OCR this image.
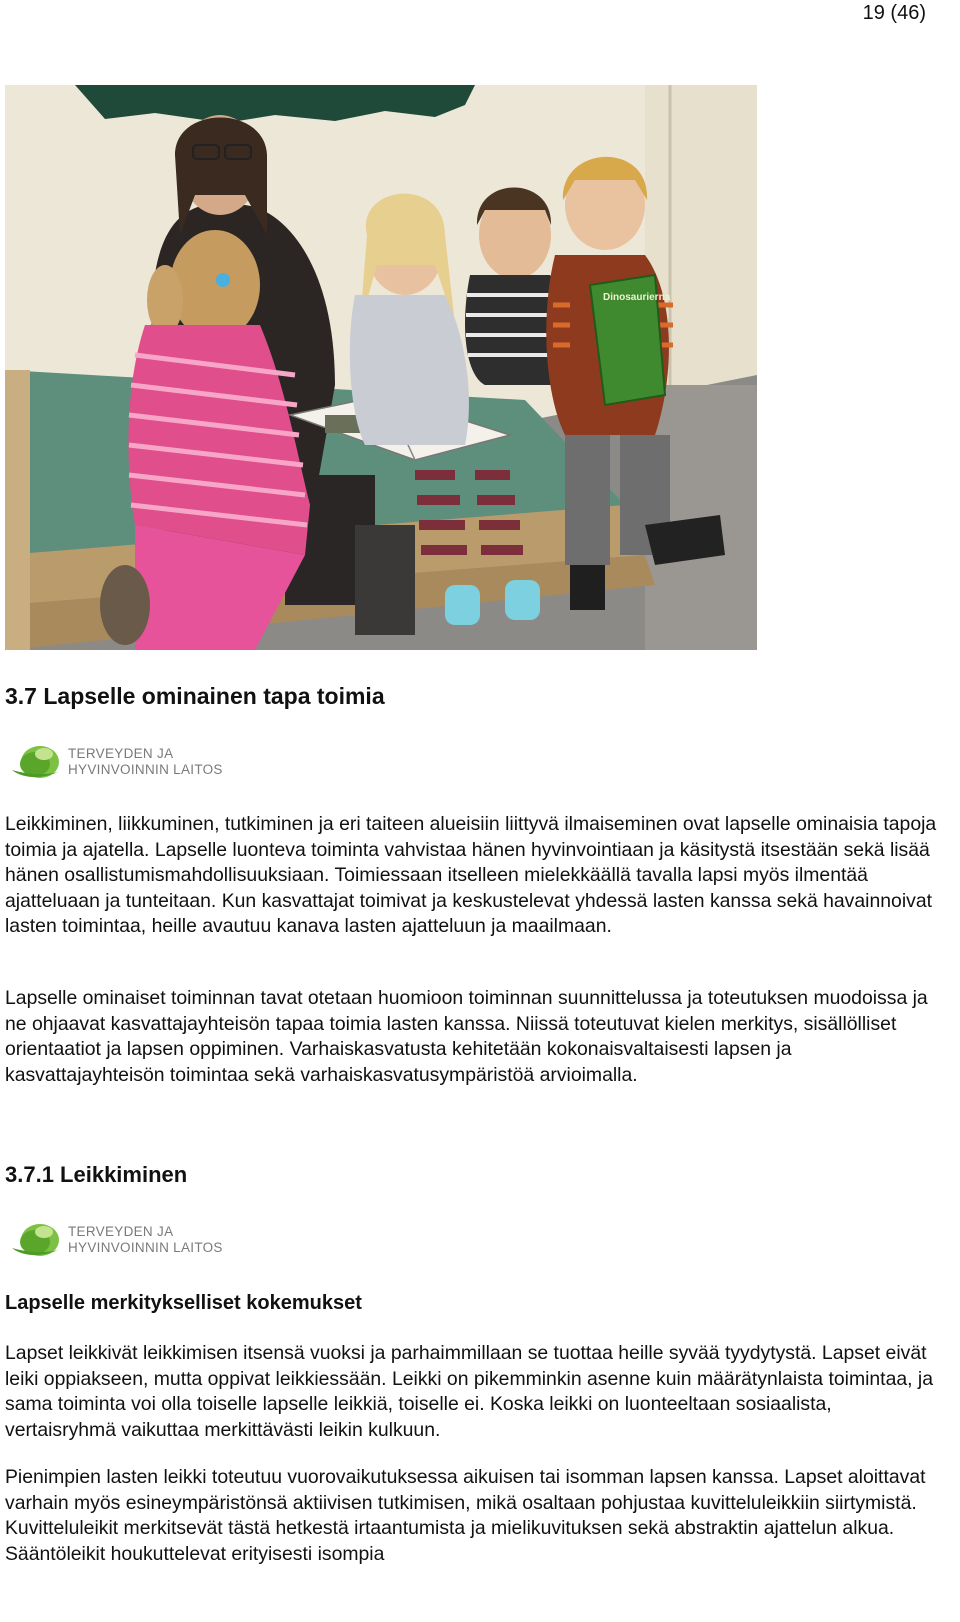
19 (46)
Dinosaurierna
3.7 Lapselle ominainen tapa toimia
TERVEYDEN JA
HYVINVOINNIN LAITOS

Leikkiminen, liikkuminen, tutkiminen ja eri taiteen alueisiin liittyvä ilmaiseminen ovat lapselle ominaisia tapoja toimia ja ajatella. Lapselle luonteva toiminta vahvistaa hänen hyvinvointiaan ja käsitystä itsestään sekä lisää hänen osallistumismahdollisuuksiaan. Toimiessaan itselleen mielekkäällä tavalla lapsi myös ilmentää ajatteluaan ja tunteitaan. Kun kasvattajat toimivat ja keskustelevat yhdessä lasten kanssa sekä havainnoivat lasten toimintaa, heille avautuu kanava lasten ajatteluun ja maailmaan.

Lapselle ominaiset toiminnan tavat otetaan huomioon toiminnan suunnittelussa ja toteutuksen muodoissa ja ne ohjaavat kasvattajayhteisön tapaa toimia lasten kanssa. Niissä toteutuvat kielen merkitys, sisällölliset orientaatiot ja lapsen oppiminen. Varhaiskasvatusta kehitetään kokonaisvaltaisesti lapsen ja kasvattajayhteisön toimintaa sekä varhaiskasvatusympäristöä arvioimalla.

3.7.1 Leikkiminen
TERVEYDEN JA
HYVINVOINNIN LAITOS
Lapselle merkitykselliset kokemukset

Lapset leikkivät leikkimisen itsensä vuoksi ja parhaimmillaan se tuottaa heille syvää tyydytystä. Lapset eivät leiki oppiakseen, mutta oppivat leikkiessään. Leikki on pikemminkin asenne kuin määrätynlaista toimintaa, ja sama toiminta voi olla toiselle lapselle leikkiä, toiselle ei. Koska leikki on luonteeltaan sosiaalista, vertaisryhmä vaikuttaa merkittävästi leikin kulkuun.

Pienimpien lasten leikki toteutuu vuorovaikutuksessa aikuisen tai isomman lapsen kanssa. Lapset aloittavat varhain myös esineympäristönsä aktiivisen tutkimisen, mikä osaltaan pohjustaa kuvitteluleikkiin siirtymistä. Kuvitteluleikit merkitsevät tästä hetkestä irtaantumista ja mielikuvituksen sekä abstraktin ajattelun alkua. Sääntöleikit houkuttelevat erityisesti isompia
